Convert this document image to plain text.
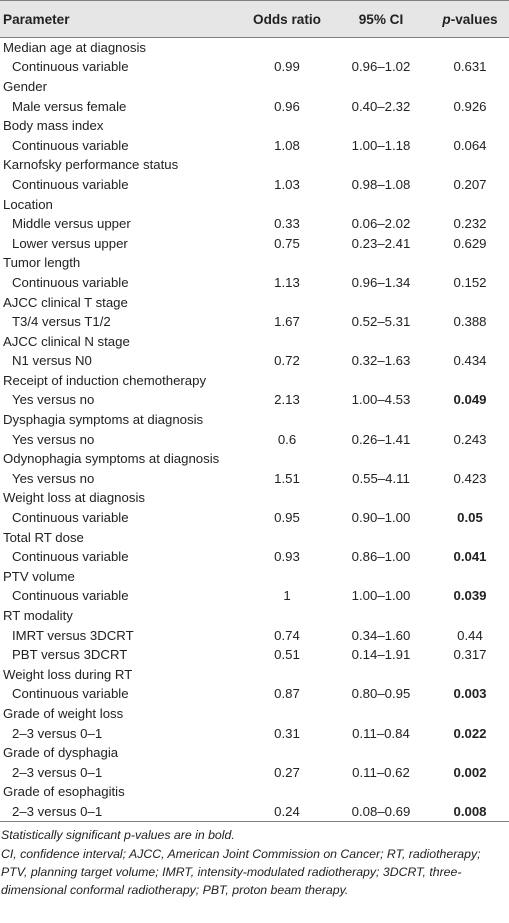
Parameter	Odds ratio	95% CI	p-values
Median age at diagnosis			
Continuous variable	0.99	0.96–1.02	0.631
Gender			
Male versus female	0.96	0.40–2.32	0.926
Body mass index			
Continuous variable	1.08	1.00–1.18	0.064
Karnofsky performance status			
Continuous variable	1.03	0.98–1.08	0.207
Location			
Middle versus upper	0.33	0.06–2.02	0.232
Lower versus upper	0.75	0.23–2.41	0.629
Tumor length			
Continuous variable	1.13	0.96–1.34	0.152
AJCC clinical T stage			
T3/4 versus T1/2	1.67	0.52–5.31	0.388
AJCC clinical N stage			
N1 versus N0	0.72	0.32–1.63	0.434
Receipt of induction chemotherapy			
Yes versus no	2.13	1.00–4.53	0.049
Dysphagia symptoms at diagnosis			
Yes versus no	0.6	0.26–1.41	0.243
Odynophagia symptoms at diagnosis			
Yes versus no	1.51	0.55–4.11	0.423
Weight loss at diagnosis			
Continuous variable	0.95	0.90–1.00	0.05
Total RT dose			
Continuous variable	0.93	0.86–1.00	0.041
PTV volume			
Continuous variable	1	1.00–1.00	0.039
RT modality			
IMRT versus 3DCRT	0.74	0.34–1.60	0.44
PBT versus 3DCRT	0.51	0.14–1.91	0.317
Weight loss during RT			
Continuous variable	0.87	0.80–0.95	0.003
Grade of weight loss			
2–3 versus 0–1	0.31	0.11–0.84	0.022
Grade of dysphagia			
2–3 versus 0–1	0.27	0.11–0.62	0.002
Grade of esophagitis			
2–3 versus 0–1	0.24	0.08–0.69	0.008
Statistically significant p-values are in bold.
CI, confidence interval; AJCC, American Joint Commission on Cancer; RT, radiotherapy; PTV, planning target volume; IMRT, intensity-modulated radiotherapy; 3DCRT, three-dimensional conformal radiotherapy; PBT, proton beam therapy.
